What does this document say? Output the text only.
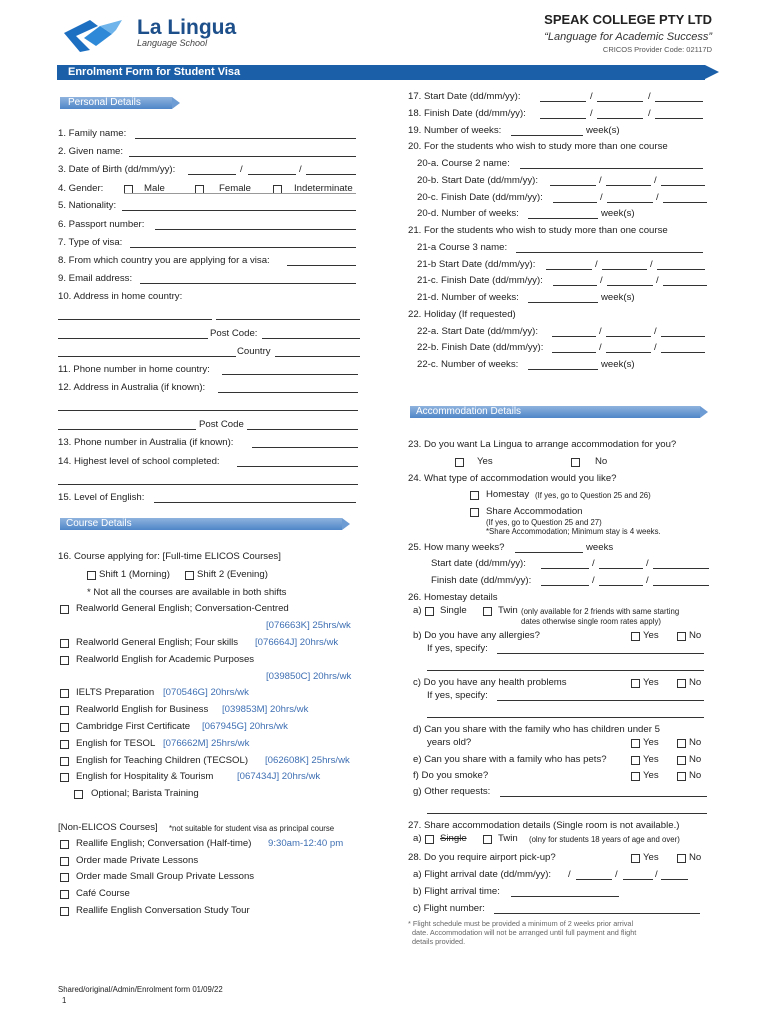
La Lingua
Language School
SPEAK COLLEGE PTY LTD
“Language for Academic Success”
CRICOS Provider Code: 02117D
Enrolment Form for Student Visa
Personal Details
1. Family name:
2. Given name:
3. Date of Birth (dd/mm/yy):	/	/
4. Gender:	Male	Female	Indeterminate
5. Nationality:
6. Passport number:
7. Type of visa:
8. From which country you are applying for a visa:
9. Email address:
10. Address in home country:
Post Code:
Country
11. Phone number in home country:
12. Address in Australia (if known):
Post Code
13. Phone number in Australia (if known):
14. Highest level of school completed:
15. Level of English:
Course Details
16. Course applying for: [Full-time ELICOS Courses]
Shift 1 (Morning)	Shift 2 (Evening)
* Not all the courses are available in both shifts
Realworld General English; Conversation-Centred
[076663K] 25hrs/wk
Realworld General English; Four skills [076664J] 20hrs/wk
Realworld English for Academic Purposes
[039850C] 20hrs/wk
IELTS Preparation [070546G] 20hrs/wk
Realworld English for Business [039853M] 20hrs/wk
Cambridge First Certificate [067945G] 20hrs/wk
English for TESOL [076662M] 25hrs/wk
English for Teaching Children (TECSOL) [062608K] 25hrs/wk
English for Hospitality & Tourism [067434J] 20hrs/wk
Optional; Barista Training
[Non-ELICOS Courses] *not suitable for student visa as principal course
Reallife English; Conversation (Half-time) 9:30am-12:40 pm
Order made Private Lessons
Order made Small Group Private Lessons
Café Course
Reallife English Conversation Study Tour
17. Start Date (dd/mm/yy):	/	/
18. Finish Date (dd/mm/yy):	/	/
19. Number of weeks:	week(s)
20. For the students who wish to study more than one course
20-a. Course 2 name:
20-b. Start Date (dd/mm/yy):	/	/
20-c. Finish Date (dd/mm/yy):	/	/
20-d. Number of weeks:	week(s)
21. For the students who wish to study more than one course
21-a Course 3 name:
21-b Start Date (dd/mm/yy):	/	/
21-c. Finish Date (dd/mm/yy):	/	/
21-d. Number of weeks:	week(s)
22. Holiday (If requested)
22-a. Start Date (dd/mm/yy):	/	/
22-b. Finish Date (dd/mm/yy):	/	/
22-c. Number of weeks:	week(s)
Accommodation Details
23. Do you want La Lingua to arrange accommodation for you?
Yes	No
24. What type of accommodation would you like?
Homestay (If yes, go to Question 25 and 26)
Share Accommodation
(If yes, go to Question 25 and 27)
*Share Accommodation; Minimum stay is 4 weeks.
25. How many weeks?	weeks
Start date (dd/mm/yy):	/	/
Finish date (dd/mm/yy):	/	/
26. Homestay details
a) Single	Twin (only available for 2 friends with same starting
dates otherwise single room rates apply)
b) Do you have any allergies?	Yes	No
If yes, specify:
c) Do you have any health problems	Yes	No
If yes, specify:
d) Can you share with the family who has children under 5
years old?	Yes	No
e) Can you share with a family who has pets?	Yes	No
f) Do you smoke?	Yes	No
g) Other requests:
27. Share accommodation details (Single room is not available.)
a) Single	Twin (olny for students 18 years of age and over)
28. Do you require airport pick-up?	Yes	No
a) Flight arrival date (dd/mm/yy): /	/	/
b) Flight arrival time:
c) Flight number:
* Flight schedule must be provided a minimum of 2 weeks prior arrival
date. Accommodation will not be arranged until full payment and flight
details provided.
Shared/original/Admin/Enrolment form 01/09/22
1
